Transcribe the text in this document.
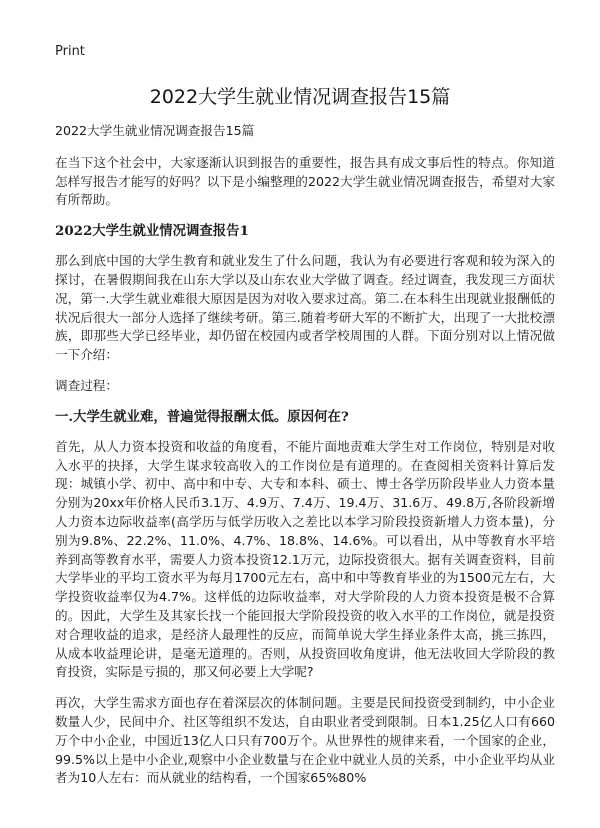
Print
2022大学生就业情况调查报告15篇

2022大学生就业情况调查报告15篇

在当下这个社会中，大家逐渐认识到报告的重要性，报告具有成文事后性的特点。你知道怎样写报告才能写的好吗？以下是小编整理的2022大学生就业情况调查报告，希望对大家有所帮助。

2022大学生就业情况调查报告1

那么到底中国的大学生教育和就业发生了什么问题，我认为有必要进行客观和较为深入的探讨，在暑假期间我在山东大学以及山东农业大学做了调查。经过调查，我发现三方面状况，第一.大学生就业难很大原因是因为对收入要求过高。第二.在本科生出现就业报酬低的状况后很大一部分人选择了继续考研。第三.随着考研大军的不断扩大，出现了一大批校漂族，即那些大学已经毕业，却仍留在校园内或者学校周围的人群。下面分别对以上情况做一下介绍：

调查过程：

一.大学生就业难，普遍觉得报酬太低。原因何在?

首先，从人力资本投资和收益的角度看，不能片面地责难大学生对工作岗位，特别是对收入水平的抉择，大学生谋求较高收入的工作岗位是有道理的。在查阅相关资料计算后发现：城镇小学、初中、高中和中专、大专和本科、硕士、博士各学历阶段毕业人力资本量分别为20xx年价格人民币3.1万、4.9万、7.4万、19.4万、31.6万、49.8万,各阶段新增人力资本边际收益率(高学历与低学历收入之差比以本学习阶段投资新增人力资本量)，分别为9.8%、22.2%、11.0%、4.7%、18.8%、14.6%。可以看出，从中等教育水平培养到高等教育水平，需要人力资本投资12.1万元，边际投资很大。据有关调查资料，目前大学毕业的平均工资水平为每月1700元左右，高中和中等教育毕业的为1500元左右，大学投资收益率仅为4.7%。这样低的边际收益率，对大学阶段的人力资本投资是极不合算的。因此，大学生及其家长找一个能回报大学阶段投资的收入水平的工作岗位，就是投资对合理收益的追求，是经济人最理性的反应，而简单说大学生择业条件太高，挑三拣四，从成本收益理论讲，是毫无道理的。否则，从投资回收角度讲，他无法收回大学阶段的教育投资，实际是亏损的，那又何必要上大学呢?

再次，大学生需求方面也存在着深层次的体制问题。主要是民间投资受到制约，中小企业数量人少，民间中介、社区等组织不发达，自由职业者受到限制。日本1.25亿人口有660万个中小企业，中国近13亿人口只有700万个。从世界性的规律来看，一个国家的企业，99.5%以上是中小企业,观察中小企业数量与在企业中就业人员的关系，中小企业平均从业者为10人左右：而从就业的结构看，一个国家65%80%
